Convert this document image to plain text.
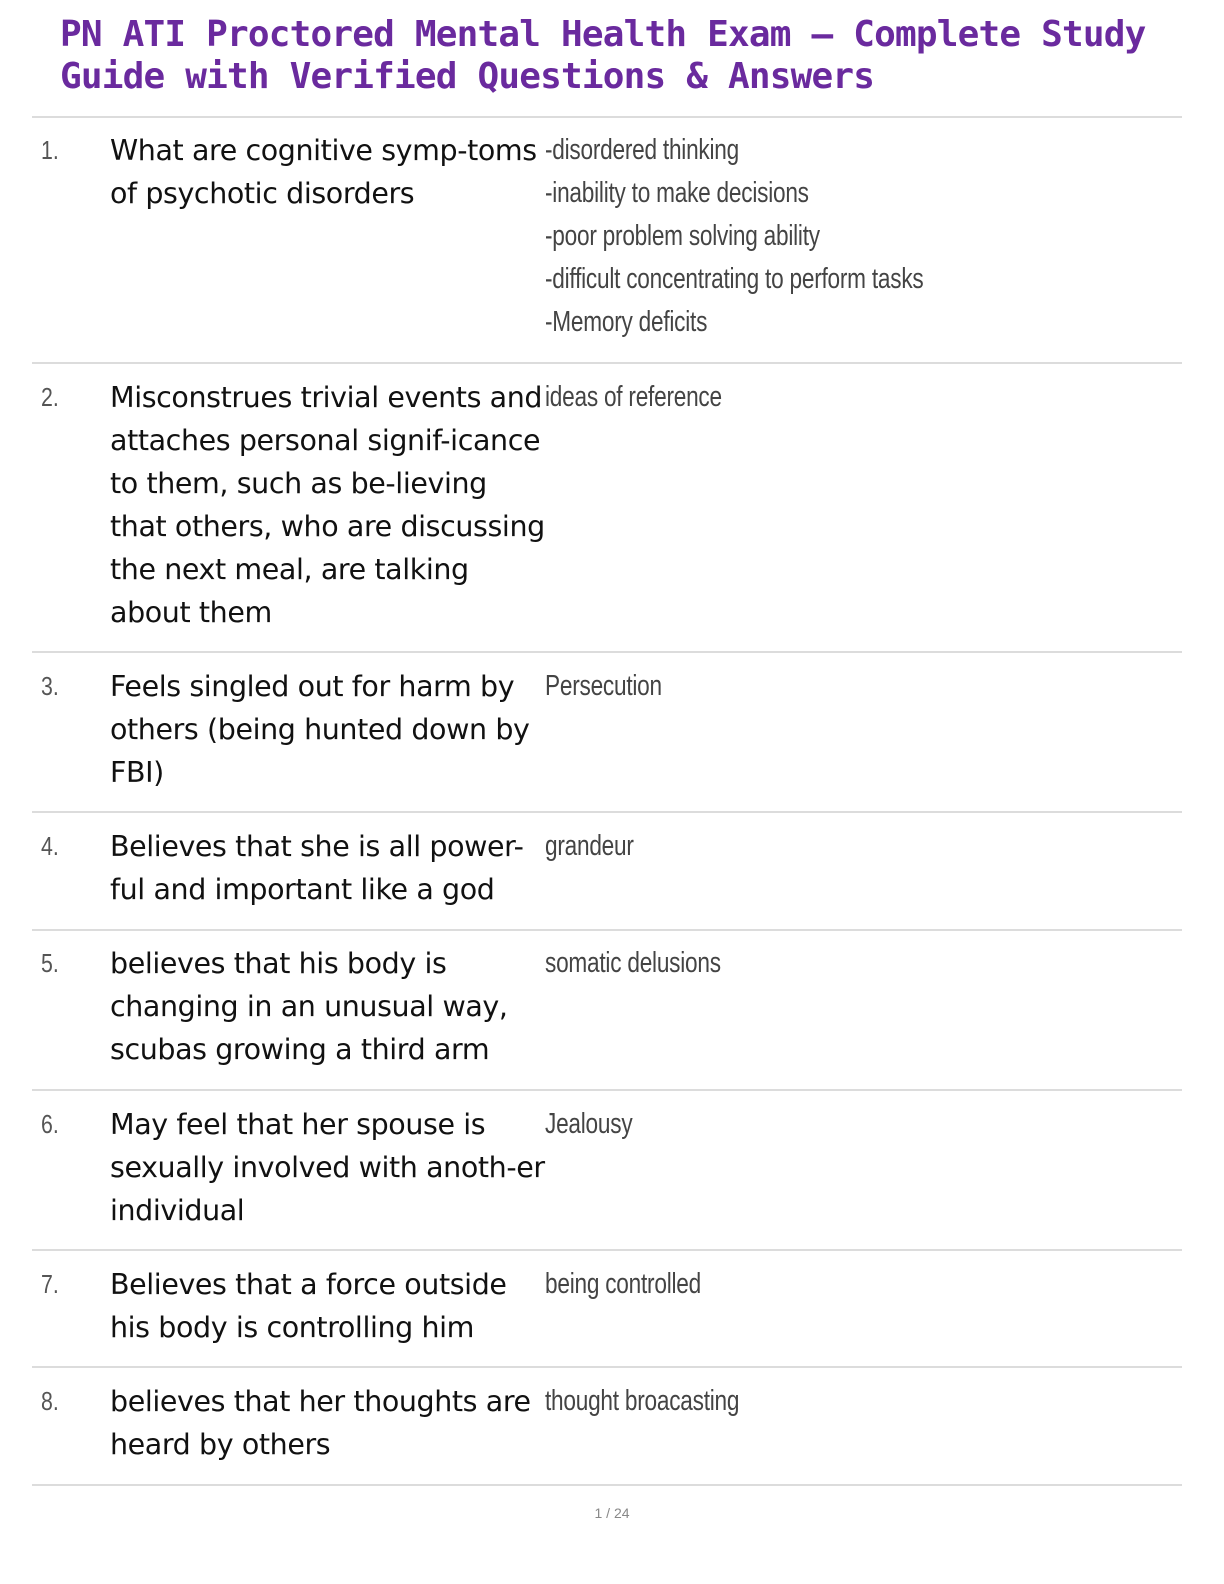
PN ATI Proctored Mental Health Exam – Complete Study Guide with Verified Questions & Answers
1. What are cognitive symp-toms of psychotic disorders
-disordered thinking
-inability to make decisions
-poor problem solving ability
-difficult concentrating to perform tasks
-Memory deficits
2. Misconstrues trivial events and attaches personal signif-icance to them, such as be-lieving that others, who are discussing the next meal, are talking about them
ideas of reference
3. Feels singled out for harm by others (being hunted down by FBI)
Persecution
4. Believes that she is all power-ful and important like a god
grandeur
5. believes that his body is changing in an unusual way, scubas growing a third arm
somatic delusions
6. May feel that her spouse is sexually involved with anoth-er individual
Jealousy
7. Believes that a force outside his body is controlling him
being controlled
8. believes that her thoughts are heard by others
thought broacasting
1 / 24
